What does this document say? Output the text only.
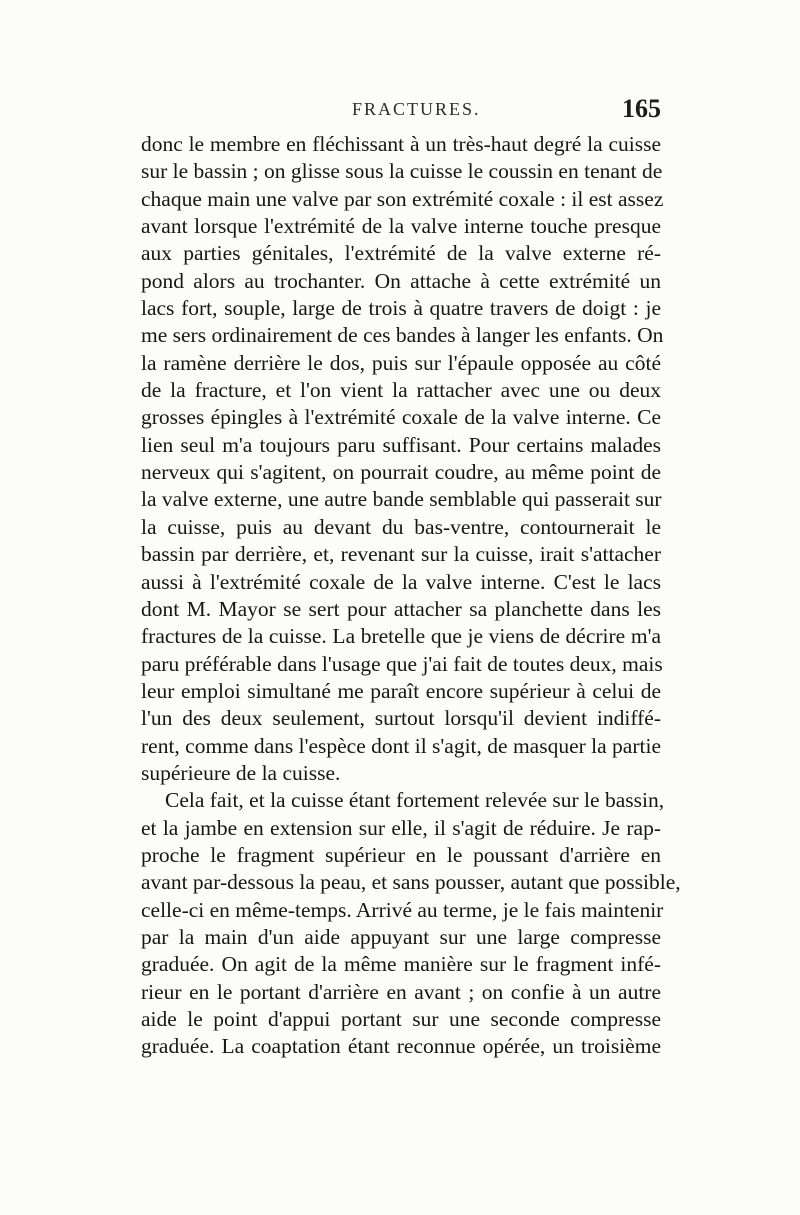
FRACTURES.	165
donc le membre en fléchissant à un très-haut degré la cuisse
sur le bassin ; on glisse sous la cuisse le coussin en tenant de
chaque main une valve par son extrémité coxale : il est assez
avant lorsque l'extrémité de la valve interne touche presque
aux parties génitales, l'extrémité de la valve externe ré-
pond alors au trochanter. On attache à cette extrémité un
lacs fort, souple, large de trois à quatre travers de doigt : je
me sers ordinairement de ces bandes à langer les enfants. On
la ramène derrière le dos, puis sur l'épaule opposée au côté
de la fracture, et l'on vient la rattacher avec une ou deux
grosses épingles à l'extrémité coxale de la valve interne. Ce
lien seul m'a toujours paru suffisant. Pour certains malades
nerveux qui s'agitent, on pourrait coudre, au même point de
la valve externe, une autre bande semblable qui passerait sur
la cuisse, puis au devant du bas-ventre, contournerait le
bassin par derrière, et, revenant sur la cuisse, irait s'attacher
aussi à l'extrémité coxale de la valve interne. C'est le lacs
dont M. Mayor se sert pour attacher sa planchette dans les
fractures de la cuisse. La bretelle que je viens de décrire m'a
paru préférable dans l'usage que j'ai fait de toutes deux, mais
leur emploi simultané me paraît encore supérieur à celui de
l'un des deux seulement, surtout lorsqu'il devient indiffé-
rent, comme dans l'espèce dont il s'agit, de masquer la partie
supérieure de la cuisse.
Cela fait, et la cuisse étant fortement relevée sur le bassin,
et la jambe en extension sur elle, il s'agit de réduire. Je rap-
proche le fragment supérieur en le poussant d'arrière en
avant par-dessous la peau, et sans pousser, autant que possible,
celle-ci en même-temps. Arrivé au terme, je le fais maintenir
par la main d'un aide appuyant sur une large compresse
graduée. On agit de la même manière sur le fragment infé-
rieur en le portant d'arrière en avant ; on confie à un autre
aide le point d'appui portant sur une seconde compresse
graduée. La coaptation étant reconnue opérée, un troisième
